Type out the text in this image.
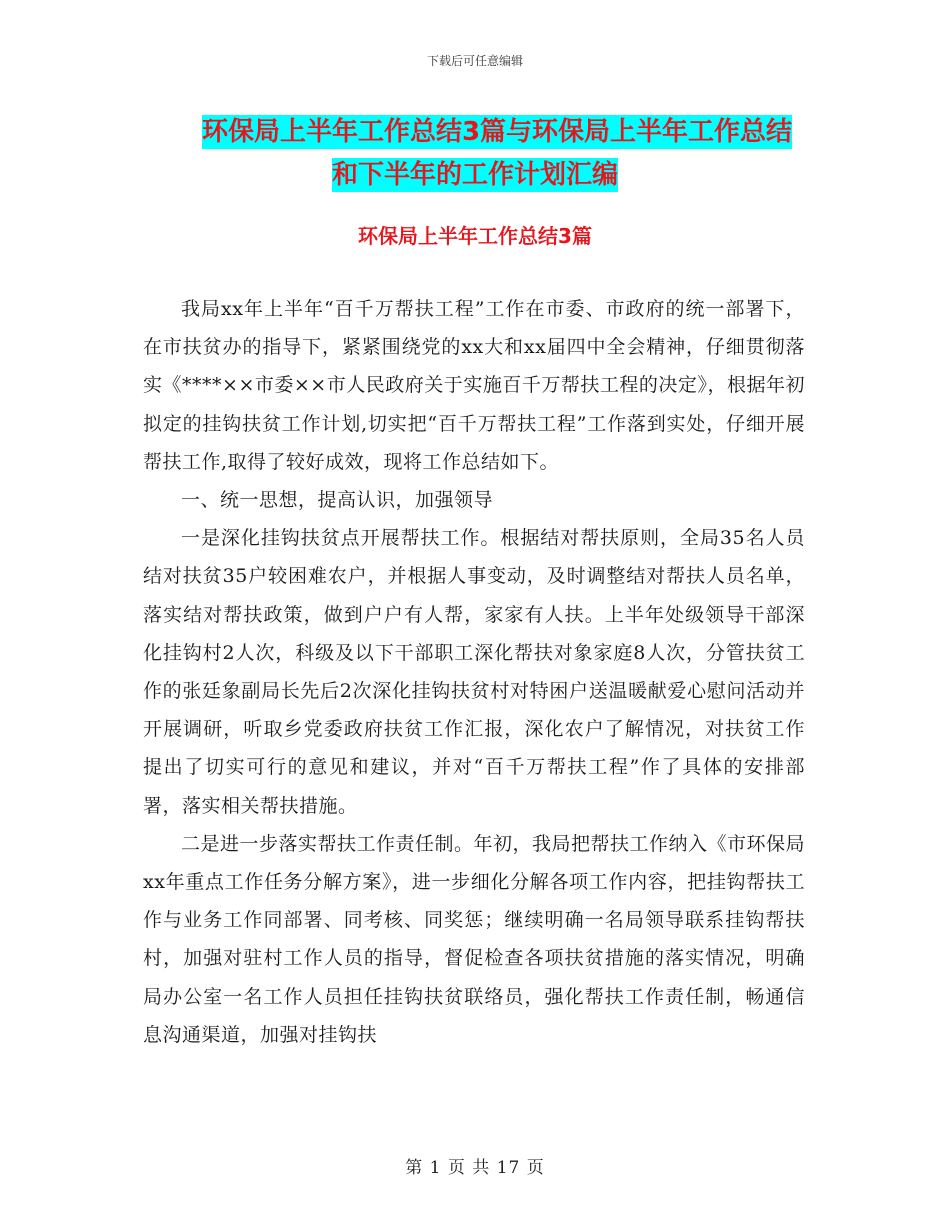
下载后可任意编辑
环保局上半年工作总结3篇与环保局上半年工作总结
和下半年的工作计划汇编
环保局上半年工作总结3篇

我局xx年上半年“百千万帮扶工程”工作在市委、市政府的统一部署下，在市扶贫办的指导下，紧紧围绕党的xx大和xx届四中全会精神，仔细贯彻落实《****××市委××市人民政府关于实施百千万帮扶工程的决定》，根据年初拟定的挂钩扶贫工作计划,切实把“百千万帮扶工程”工作落到实处，仔细开展帮扶工作,取得了较好成效，现将工作总结如下。

一、统一思想，提高认识，加强领导

一是深化挂钩扶贫点开展帮扶工作。根据结对帮扶原则，全局35名人员结对扶贫35户较困难农户，并根据人事变动，及时调整结对帮扶人员名单，落实结对帮扶政策，做到户户有人帮，家家有人扶。上半年处级领导干部深化挂钩村2人次，科级及以下干部职工深化帮扶对象家庭8人次，分管扶贫工作的张廷象副局长先后2次深化挂钩扶贫村对特困户送温暖献爱心慰问活动并开展调研，听取乡党委政府扶贫工作汇报，深化农户了解情况，对扶贫工作提出了切实可行的意见和建议，并对“百千万帮扶工程”作了具体的安排部署，落实相关帮扶措施。

二是进一步落实帮扶工作责任制。年初，我局把帮扶工作纳入《市环保局xx年重点工作任务分解方案》，进一步细化分解各项工作内容，把挂钩帮扶工作与业务工作同部署、同考核、同奖惩；继续明确一名局领导联系挂钩帮扶村，加强对驻村工作人员的指导，督促检查各项扶贫措施的落实情况，明确局办公室一名工作人员担任挂钩扶贫联络员，强化帮扶工作责任制，畅通信息沟通渠道，加强对挂钩扶

第 1 页 共 17 页
